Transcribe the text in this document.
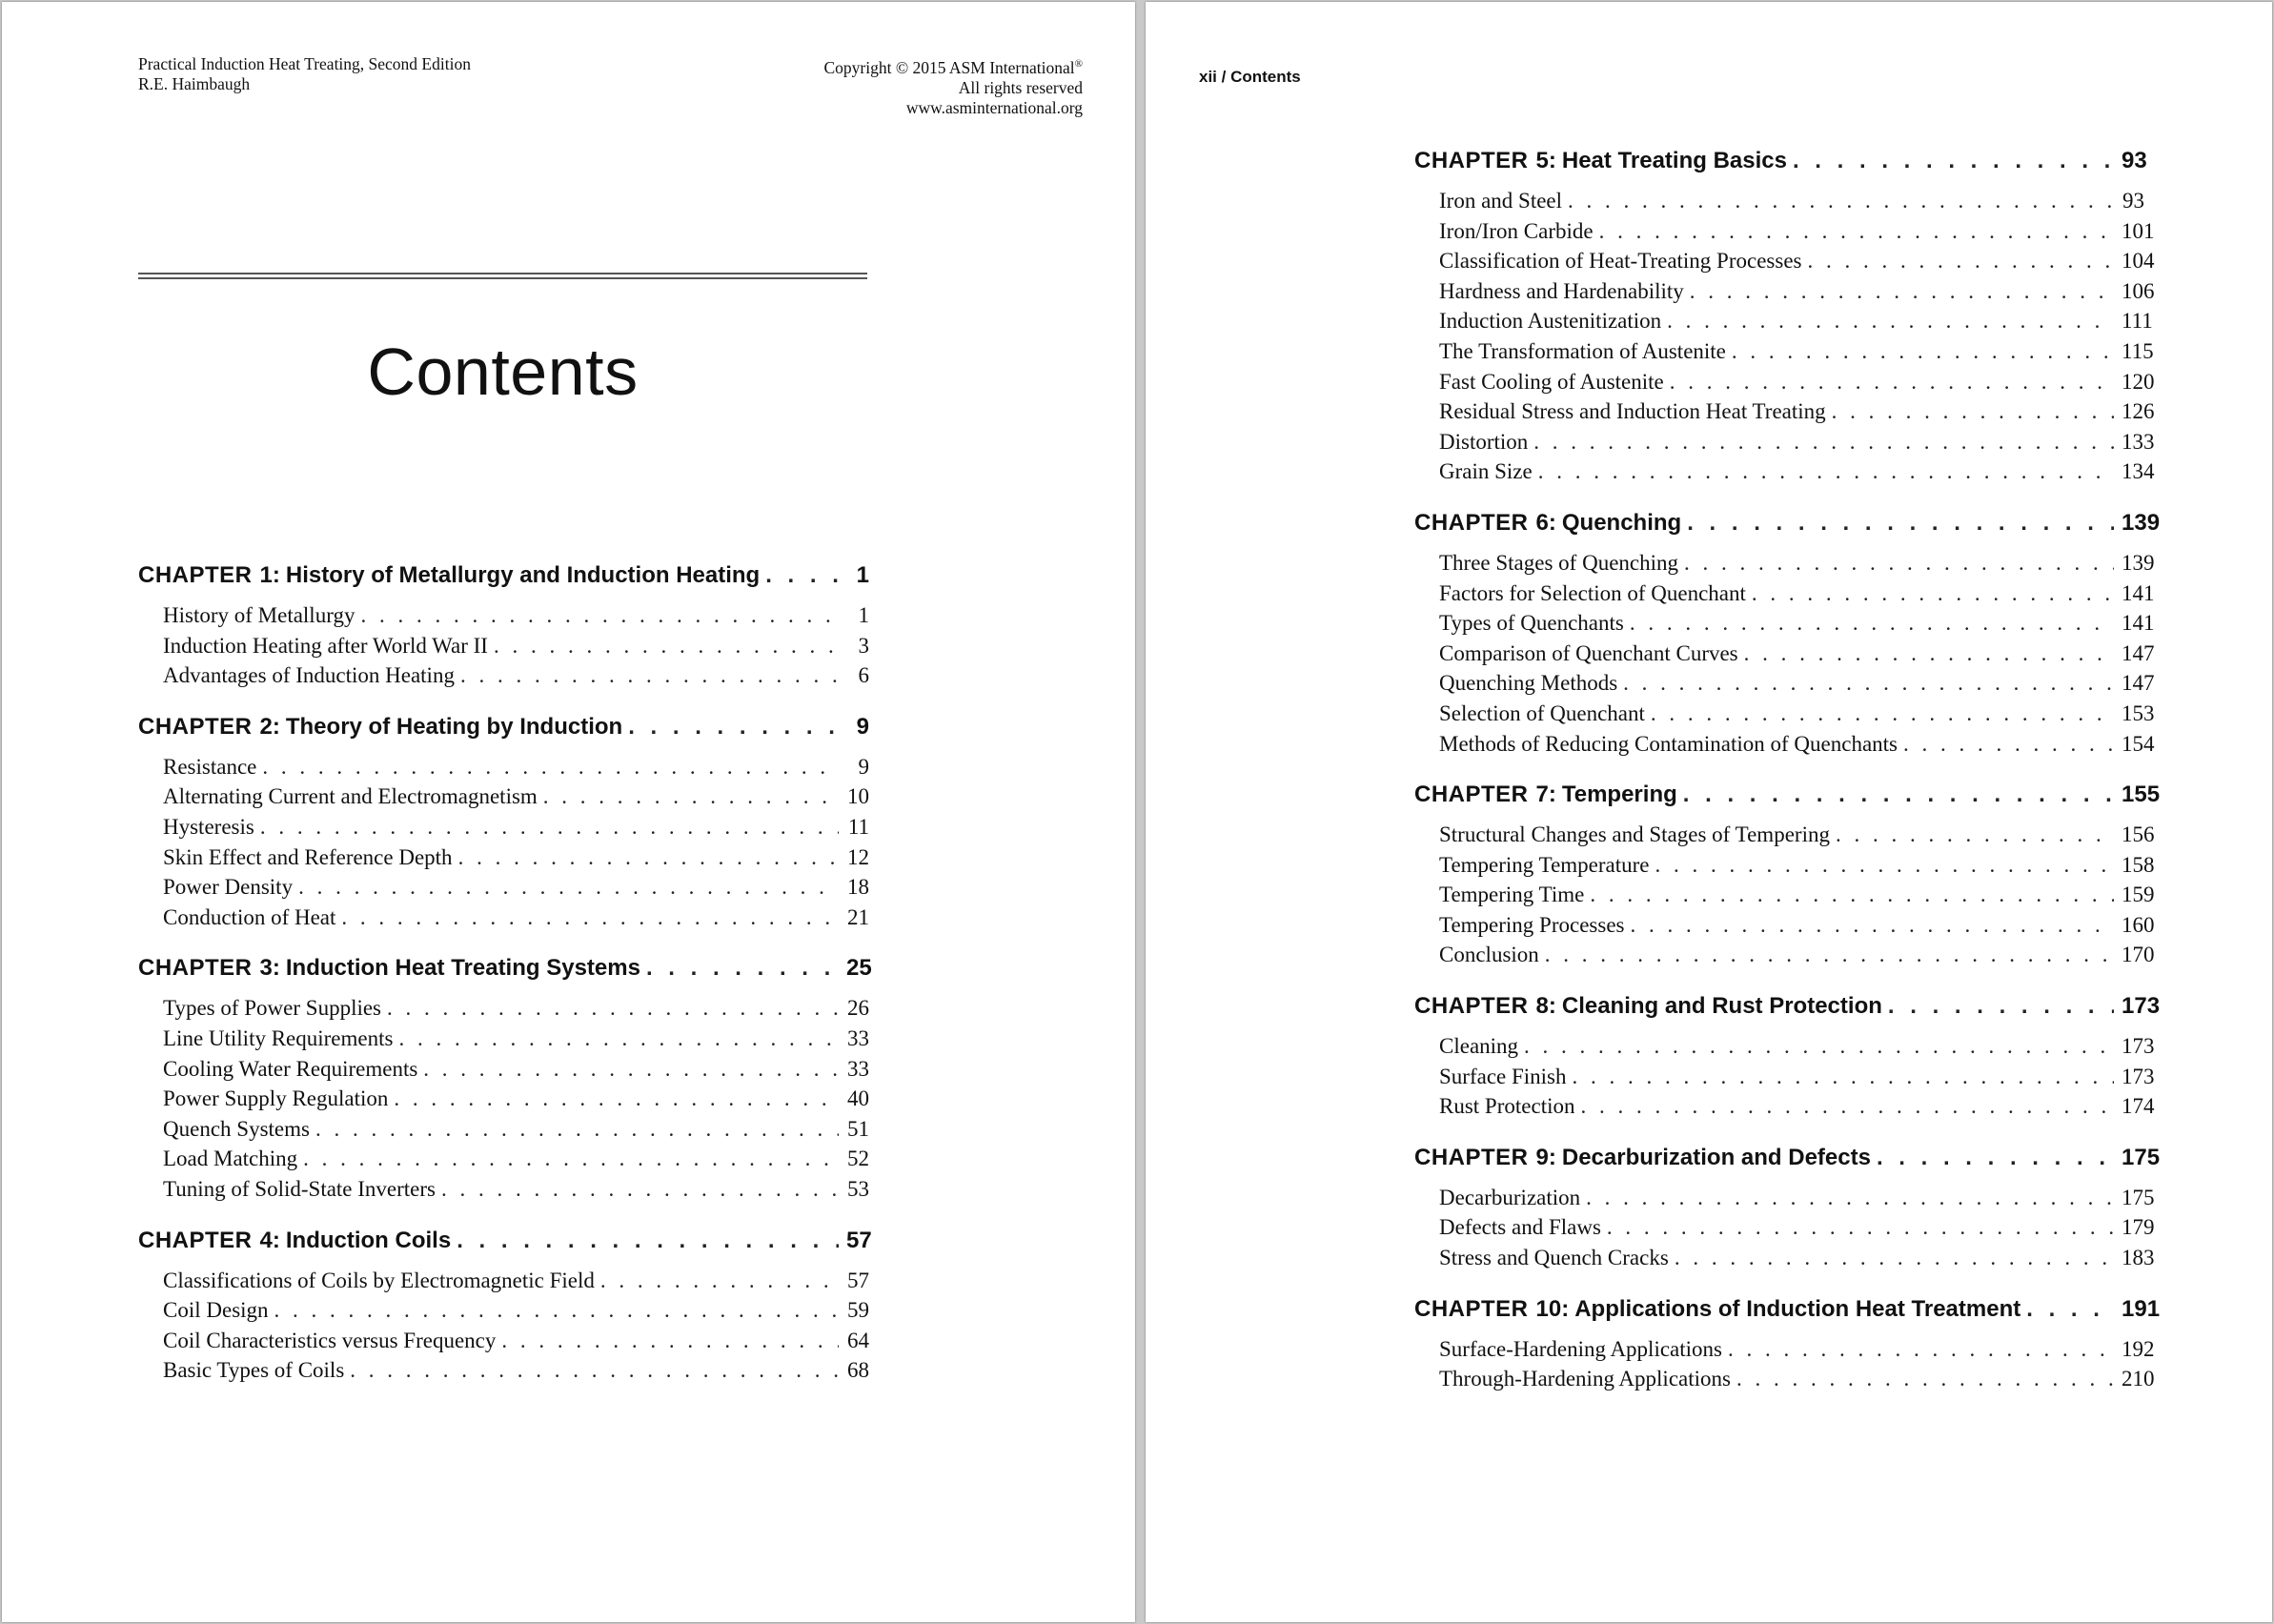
Practical Induction Heat Treating, Second Edition
R.E. Haimbaugh
Copyright © 2015 ASM International®
All rights reserved
www.asminternational.org
Contents
CHAPTER 1: History of Metallurgy and Induction Heating . . .	1
History of Metallurgy . . .	1
Induction Heating after World War II . . .	3
Advantages of Induction Heating . . .	6
CHAPTER 2: Theory of Heating by Induction . . .	9
Resistance . . .	9
Alternating Current and Electromagnetism . . .	10
Hysteresis . . .	11
Skin Effect and Reference Depth . . .	12
Power Density . . .	18
Conduction of Heat . . .	21
CHAPTER 3: Induction Heat Treating Systems . . .	25
Types of Power Supplies . . .	26
Line Utility Requirements . . .	33
Cooling Water Requirements . . .	33
Power Supply Regulation . . .	40
Quench Systems . . .	51
Load Matching . . .	52
Tuning of Solid-State Inverters . . .	53
CHAPTER 4: Induction Coils . . .	57
Classifications of Coils by Electromagnetic Field . . .	57
Coil Design . . .	59
Coil Characteristics versus Frequency . . .	64
Basic Types of Coils . . .	68
xii / Contents
CHAPTER 5: Heat Treating Basics . . .	93
Iron and Steel . . .	93
Iron/Iron Carbide . . .	101
Classification of Heat-Treating Processes . . .	104
Hardness and Hardenability . . .	106
Induction Austenitization . . .	111
The Transformation of Austenite . . .	115
Fast Cooling of Austenite . . .	120
Residual Stress and Induction Heat Treating . . .	126
Distortion . . .	133
Grain Size . . .	134
CHAPTER 6: Quenching . . .	139
Three Stages of Quenching . . .	139
Factors for Selection of Quenchant . . .	141
Types of Quenchants . . .	141
Comparison of Quenchant Curves . . .	147
Quenching Methods . . .	147
Selection of Quenchant . . .	153
Methods of Reducing Contamination of Quenchants . . .	154
CHAPTER 7: Tempering . . .	155
Structural Changes and Stages of Tempering . . .	156
Tempering Temperature . . .	158
Tempering Time . . .	159
Tempering Processes . . .	160
Conclusion . . .	170
CHAPTER 8: Cleaning and Rust Protection . . .	173
Cleaning . . .	173
Surface Finish . . .	173
Rust Protection . . .	174
CHAPTER 9: Decarburization and Defects . . .	175
Decarburization . . .	175
Defects and Flaws . . .	179
Stress and Quench Cracks . . .	183
CHAPTER 10: Applications of Induction Heat Treatment . . .	191
Surface-Hardening Applications . . .	192
Through-Hardening Applications . . .	210
